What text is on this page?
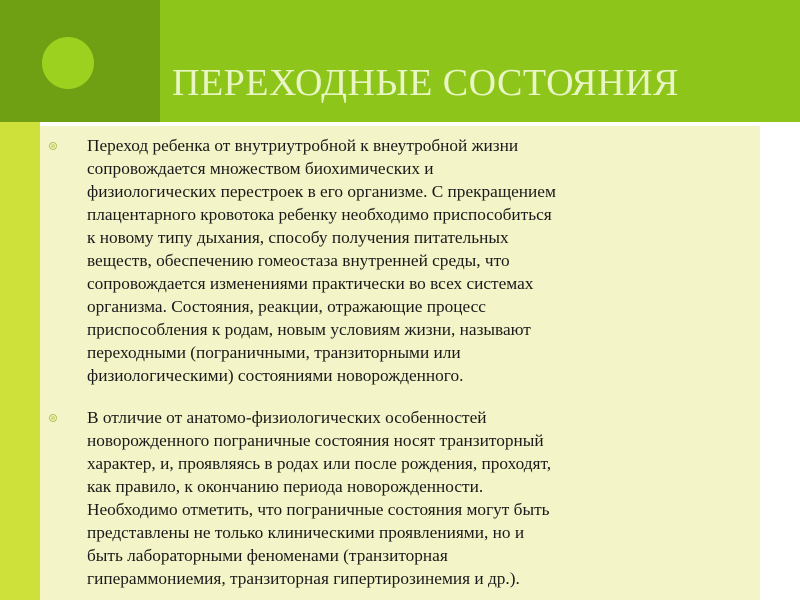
ПЕРЕХОДНЫЕ СОСТОЯНИЯ
Переход ребенка от внутриутробной к внеутробной жизни
сопровождается множеством биохимических и
физиологических перестроек в его организме. С прекращением
плацентарного кровотока ребенку необходимо приспособиться
к новому типу дыхания, способу получения питательных
веществ, обеспечению гомеостаза внутренней среды, что
сопровождается изменениями практически во всех системах
организма. Состояния, реакции, отражающие процесс
приспособления к родам, новым условиям жизни, называют
переходными (пограничными, транзиторными или
физиологическими) состояниями новорожденного.
В отличие от анатомо-физиологических особенностей
новорожденного пограничные состояния носят транзиторный
характер, и, проявляясь в родах или после рождения, проходят,
как правило, к окончанию периода новорожденности.
Необходимо отметить, что пограничные состояния могут быть
представлены не только клиническими проявлениями, но и
быть лабораторными феноменами (транзиторная
гипераммониемия, транзиторная гипертирозинемия и др.).
